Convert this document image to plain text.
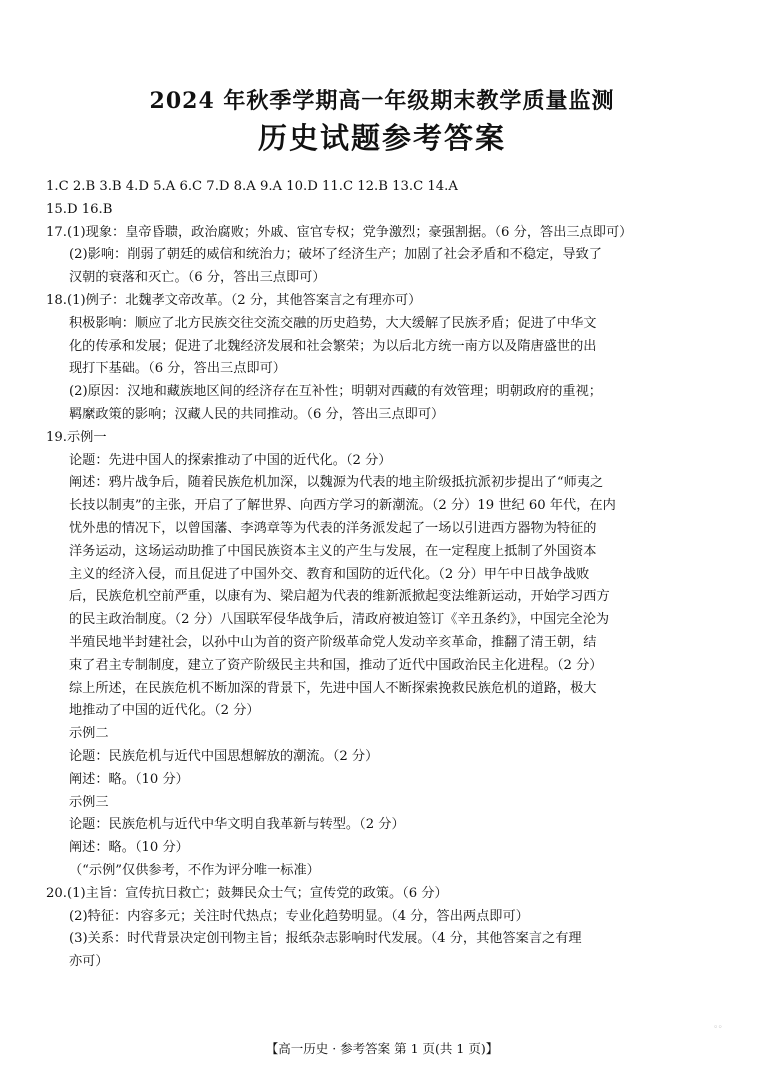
2024 年秋季学期高一年级期末教学质量监测
历史试题参考答案
1.C 2.B 3.B 4.D 5.A 6.C 7.D 8.A 9.A 10.D 11.C 12.B 13.C 14.A
15.D 16.B
17.(1)现象：皇帝昏聩，政治腐败；外戚、宦官专权；党争激烈；豪强割据。（6 分，答出三点即可）
(2)影响：削弱了朝廷的威信和统治力；破坏了经济生产；加剧了社会矛盾和不稳定，导致了
汉朝的衰落和灭亡。（6 分，答出三点即可）
18.(1)例子：北魏孝文帝改革。（2 分，其他答案言之有理亦可）
积极影响：顺应了北方民族交往交流交融的历史趋势，大大缓解了民族矛盾；促进了中华文
化的传承和发展；促进了北魏经济发展和社会繁荣；为以后北方统一南方以及隋唐盛世的出
现打下基础。（6 分，答出三点即可）
(2)原因：汉地和藏族地区间的经济存在互补性；明朝对西藏的有效管理；明朝政府的重视；
羁縻政策的影响；汉藏人民的共同推动。（6 分，答出三点即可）
19.示例一
论题：先进中国人的探索推动了中国的近代化。（2 分）
阐述：鸦片战争后，随着民族危机加深，以魏源为代表的地主阶级抵抗派初步提出了“师夷之
长技以制夷”的主张，开启了了解世界、向西方学习的新潮流。（2 分）19 世纪 60 年代，在内
忧外患的情况下，以曾国藩、李鸿章等为代表的洋务派发起了一场以引进西方器物为特征的
洋务运动，这场运动助推了中国民族资本主义的产生与发展，在一定程度上抵制了外国资本
主义的经济入侵，而且促进了中国外交、教育和国防的近代化。（2 分）甲午中日战争战败
后，民族危机空前严重，以康有为、梁启超为代表的维新派掀起变法维新运动，开始学习西方
的民主政治制度。（2 分）八国联军侵华战争后，清政府被迫签订《辛丑条约》，中国完全沦为
半殖民地半封建社会，以孙中山为首的资产阶级革命党人发动辛亥革命，推翻了清王朝，结
束了君主专制制度，建立了资产阶级民主共和国，推动了近代中国政治民主化进程。（2 分）
综上所述，在民族危机不断加深的背景下，先进中国人不断探索挽救民族危机的道路，极大
地推动了中国的近代化。（2 分）
示例二
论题：民族危机与近代中国思想解放的潮流。（2 分）
阐述：略。（10 分）
示例三
论题：民族危机与近代中华文明自我革新与转型。（2 分）
阐述：略。（10 分）
（“示例”仅供参考，不作为评分唯一标准）
20.(1)主旨：宣传抗日救亡；鼓舞民众士气；宣传党的政策。（6 分）
(2)特征：内容多元；关注时代热点；专业化趋势明显。（4 分，答出两点即可）
(3)关系：时代背景决定创刊物主旨；报纸杂志影响时代发展。（4 分，其他答案言之有理
亦可）
【高一历史 · 参考答案 第 1 页(共 1 页)】
。。
